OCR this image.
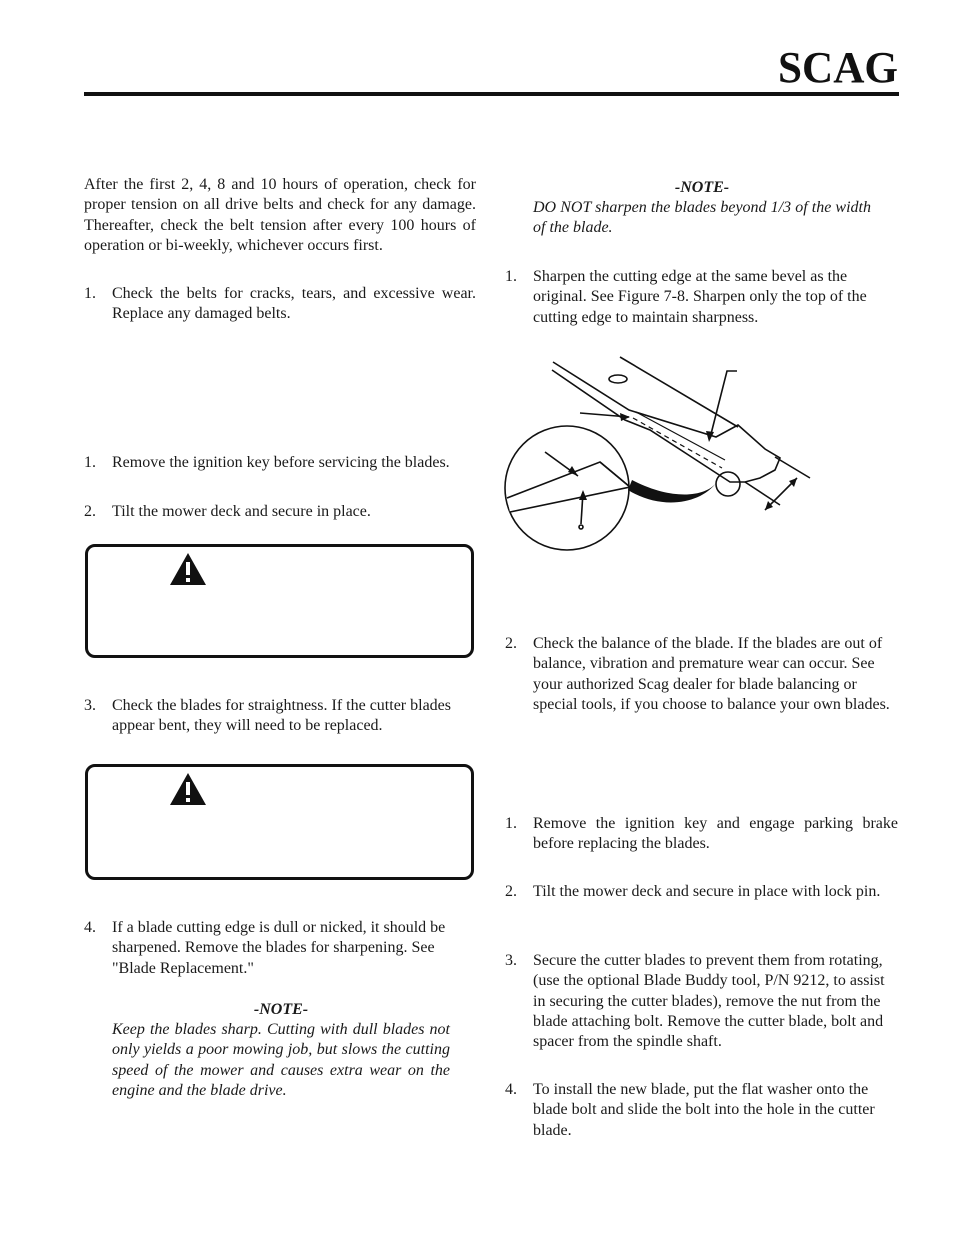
SCAG

After the first 2, 4, 8 and 10 hours of operation, check for proper tension on all drive belts and check for any damage. Thereafter, check the belt tension after every 100 hours of operation or bi-weekly, whichever occurs first.

1.	Check the belts for cracks, tears, and excessive wear. Replace any damaged belts.
1.	Remove the ignition key before servicing the blades.
2.	Tilt the mower deck and secure in place.
3.	Check the blades for straightness. If the cutter blades appear bent, they will need to be replaced.
4.	If a blade cutting edge is dull or nicked, it should be sharpened. Remove the blades for sharpening. See "Blade Replacement."
-NOTE-
Keep the blades sharp. Cutting with dull blades not only yields a poor mowing job, but slows the cutting speed of the mower and causes extra wear on the engine and the blade drive.
-NOTE-
DO NOT sharpen the blades beyond 1/3 of the width of the blade.
1.	Sharpen the cutting edge at the same bevel as the original. See Figure 7-8. Sharpen only the top of the cutting edge to maintain sharpness.
2.	Check the balance of the blade. If the blades are out of balance, vibration and premature wear can occur. See your authorized Scag dealer for blade balancing or special tools, if you choose to balance your own blades.
1.	Remove the ignition key and engage parking brake before replacing the blades.
2.	Tilt the mower deck and secure in place with lock pin.
3.	Secure the cutter blades to prevent them from rotating, (use the optional Blade Buddy tool, P/N 9212, to assist in securing the cutter blades), remove the nut from the blade attaching bolt. Remove the cutter blade, bolt and spacer from the spindle shaft.
4.	To install the new blade, put the flat washer onto the blade bolt and slide the bolt into the hole in the cutter blade.
